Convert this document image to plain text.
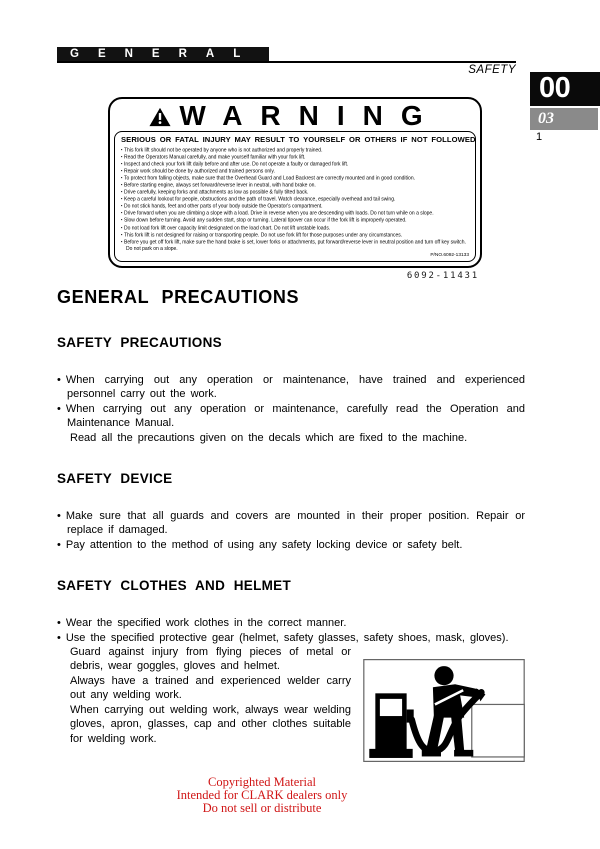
GENERAL
SAFETY
00
03
1
WARNING
SERIOUS OR FATAL INJURY MAY RESULT TO YOURSELF OR OTHERS IF NOT FOLLOWED
▪ This fork lift should not be operated by anyone who is not authorized and properly trained.
▪ Read the Operators Manual carefully, and make yourself familiar with your fork lift.
▪ Inspect and check your fork lift daily before and after use. Do not operate a faulty or damaged fork lift.
▪ Repair work should be done by authorized and trained persons only.
▪ To protect from falling objects, make sure that the Overhead Guard and Load Backrest are correctly mounted and in good condition.
▪ Before starting engine, always set forward/reverse lever in neutral, with hand brake on.
▪ Drive carefully, keeping forks and attachments as low as possible & fully tilted back.
▪ Keep a careful lookout for people, obstructions and the path of travel. Watch clearance, especially overhead and tail swing.
▪ Do not stick hands, feet and other parts of your body outside the Operator's compartment.
▪ Drive forward when you are climbing a slope with a load. Drive in reverse when you are descending with loads. Do not turn while on a slope.
▪ Slow down before turning. Avoid any sudden start, stop or turning. Lateral tipover can occur if the fork lift is improperly operated.
▪ Do not load fork lift over capacity limit designated on the load chart. Do not lift unstable loads.
▪ This fork lift is not designed for raising or transporting people. Do not use fork lift for those purposes under any circumstances.
▪ Before you get off fork lift, make sure the hand brake is set, lower forks or attachments, put forward/reverse lever in neutral position and turn off key switch. Do not park on a slope.
P/NO.6092-13133
6092-11431
GENERAL PRECAUTIONS
SAFETY PRECAUTIONS
• When carrying out any operation or maintenance, have trained and experienced personnel carry out the work.
• When carrying out any operation or maintenance, carefully read the Operation and Maintenance Manual.
Read all the precautions given on the decals which are fixed to the machine.
SAFETY DEVICE
• Make sure that all guards and covers are mounted in their proper position. Repair or replace if damaged.
• Pay attention to the method of using any safety locking device or safety belt.
SAFETY CLOTHES AND HELMET
• Wear the specified work clothes in the correct manner.
• Use the specified protective gear (helmet, safety glasses, safety shoes, mask, gloves).
Guard against injury from flying pieces of metal or debris, wear goggles, gloves and helmet.
Always have a trained and experienced welder carry out any welding work.
When carrying out welding work, always wear welding gloves, apron, glasses, cap and other clothes suitable for welding work.
Copyrighted Material
Intended for CLARK dealers only
Do not sell or distribute
